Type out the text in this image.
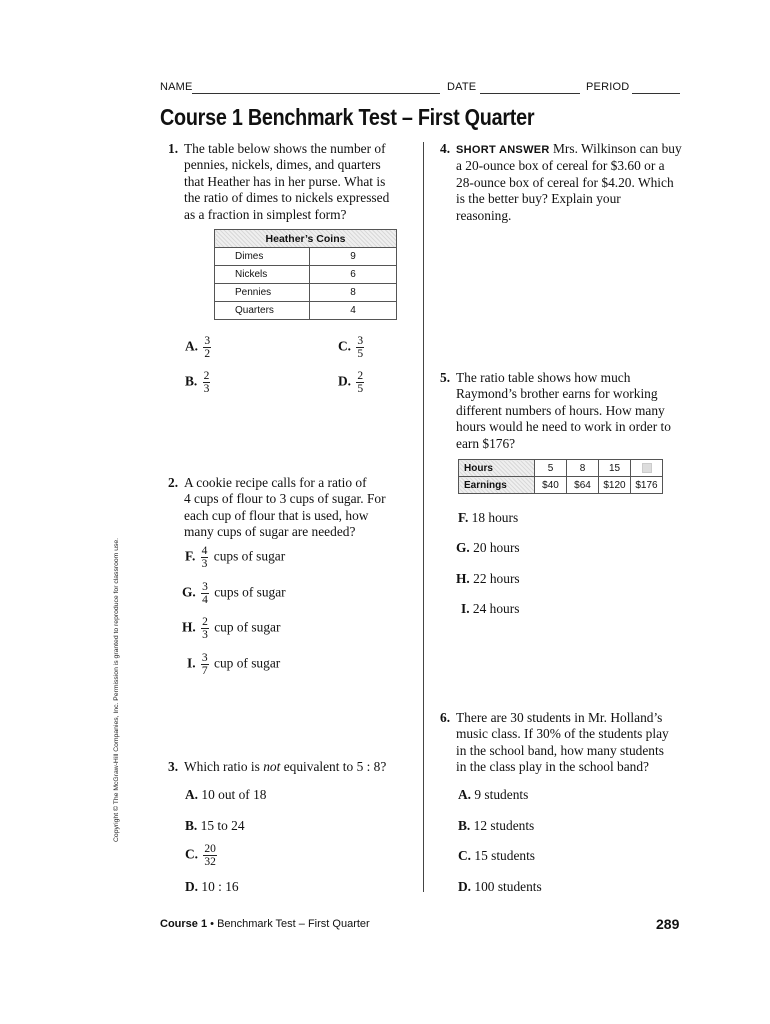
NAME	DATE	PERIOD
Course 1 Benchmark Test – First Quarter
Copyright © The McGraw-Hill Companies, Inc. Permission is granted to reproduce for classroom use.
1. The table below shows the number of
pennies, nickels, dimes, and quarters
that Heather has in her purse. What is
the ratio of dimes to nickels expressed
as a fraction in simplest form?
Heather’s Coins	
Dimes	9
Nickels	6
Pennies	8
Quarters	4
A. $\frac{3}{2}$	C. $\frac{3}{5}$
B. $\frac{2}{3}$	D. $\frac{2}{5}$
2. A cookie recipe calls for a ratio of
4 cups of flour to 3 cups of sugar. For
each cup of flour that is used, how
many cups of sugar are needed?
F. $\frac{4}{3}$ cups of sugar
G. $\frac{3}{4}$ cups of sugar
H. $\frac{2}{3}$ cup of sugar
I. $\frac{3}{7}$ cup of sugar
3. Which ratio is not equivalent to 5 : 8?
A. 10 out of 18
B. 15 to 24
C. $\frac{20}{32}$
D. 10 : 16
4. SHORT ANSWER Mrs. Wilkinson can buy
a 20-ounce box of cereal for $3.60 or a
28-ounce box of cereal for $4.20. Which
is the better buy? Explain your
reasoning.
5. The ratio table shows how much
Raymond’s brother earns for working
different numbers of hours. How many
hours would he need to work in order to
earn $176?
Hours	5	8	15	
Earnings	$40	$64	$120	$176
F. 18 hours
G. 20 hours
H. 22 hours
I. 24 hours
6. There are 30 students in Mr. Holland’s
music class. If 30% of the students play
in the school band, how many students
in the class play in the school band?
A. 9 students
B. 12 students
C. 15 students
D. 100 students
Course 1 • Benchmark Test – First Quarter	289
